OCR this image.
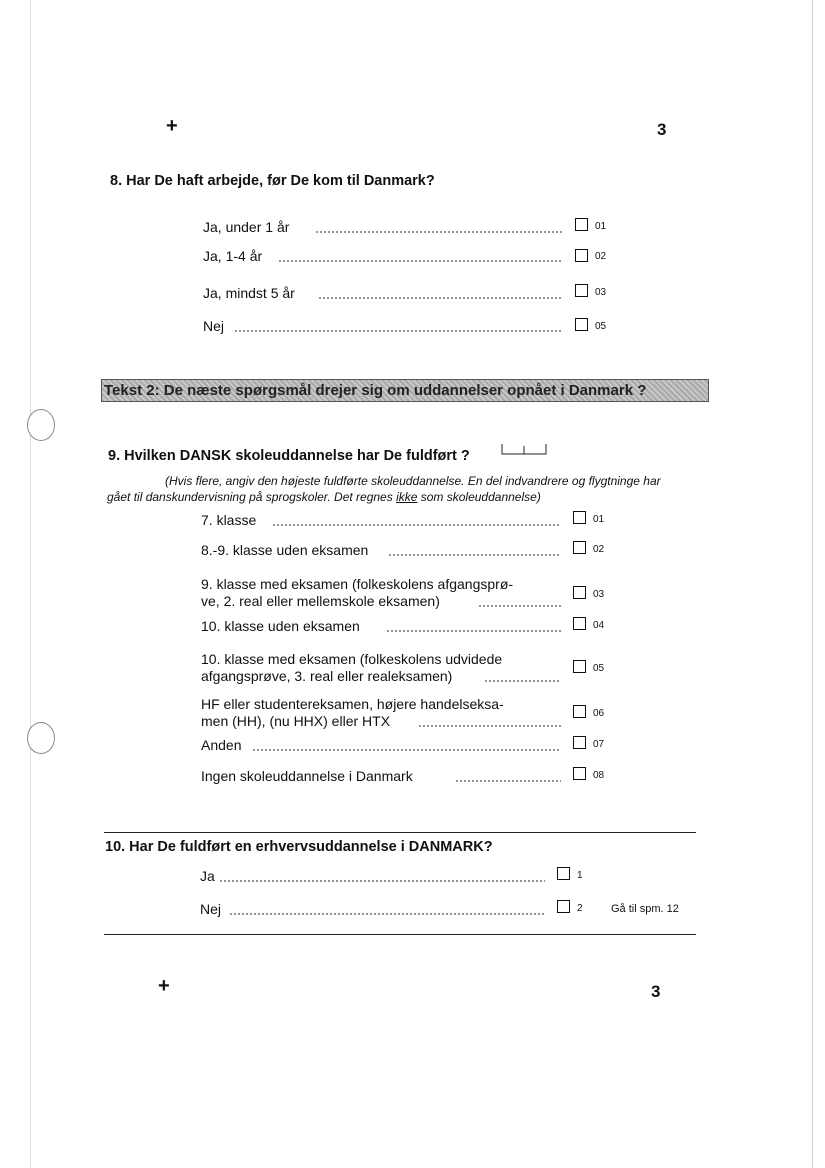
+	3
8. Har De haft arbejde, før De kom til Danmark?
Ja, under 1 år	01
Ja, 1-4 år	02
Ja, mindst 5 år	03
Nej	05
Tekst 2: De næste spørgsmål drejer sig om uddannelser opnået i Danmark ?
9. Hvilken DANSK skoleuddannelse har De fuldført ?
(Hvis flere, angiv den højeste fuldførte skoleuddannelse. En del indvandrere og flygtninge har
gået til danskundervisning på sprogskoler. Det regnes ikke som skoleuddannelse)
7. klasse	01
8.-9. klasse uden eksamen	02
9. klasse med eksamen (folkeskolens afgangsprø-
ve, 2. real eller mellemskole eksamen)	03
10. klasse uden eksamen	04
10. klasse med eksamen (folkeskolens udvidede
afgangsprøve, 3. real eller realeksamen)	05
HF eller studentereksamen, højere handelseksa-
men (HH), (nu HHX) eller HTX	06
Anden	07
Ingen skoleuddannelse i Danmark	08
10. Har De fuldført en erhvervsuddannelse i DANMARK?
Ja	1
Nej	2	Gå til spm. 12
+	3
